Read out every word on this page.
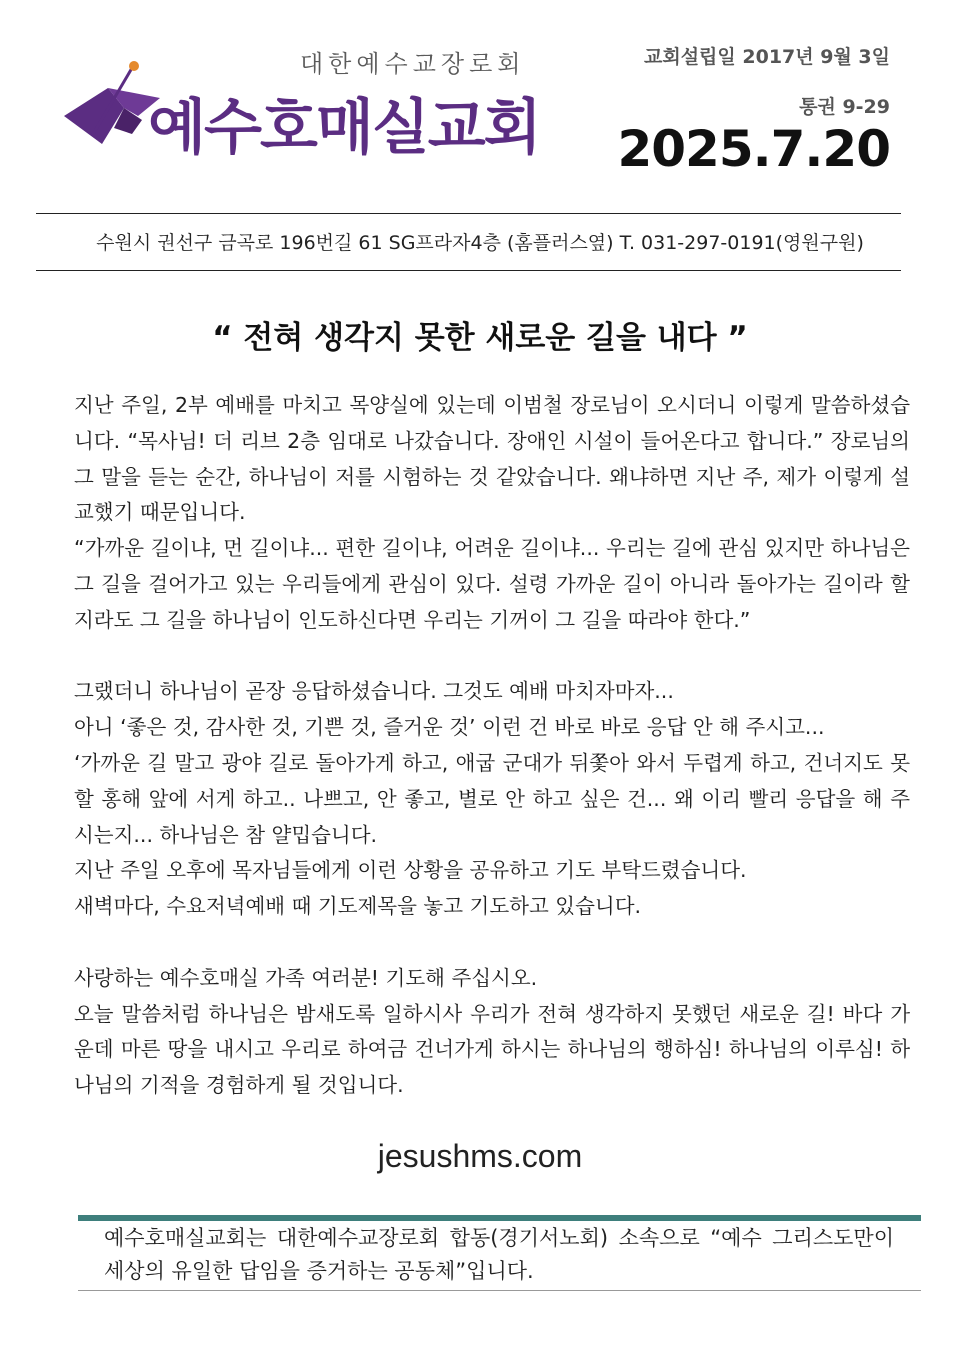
대한예수교장로회
예수호매실교회
교회설립일 2017년 9월 3일
통권 9-29
2025.7.20
수원시 권선구 금곡로 196번길 61 SG프라자4층 (홈플러스옆) T. 031-297-0191(영원구원)
“ 전혀 생각지 못한 새로운 길을 내다 ”

지난 주일, 2부 예배를 마치고 목양실에 있는데 이범철 장로님이 오시더니 이렇게 말씀하셨습니다. “목사님! 더 리브 2층 임대로 나갔습니다. 장애인 시설이 들어온다고 합니다.” 장로님의 그 말을 듣는 순간, 하나님이 저를 시험하는 것 같았습니다. 왜냐하면 지난 주, 제가 이렇게 설교했기 때문입니다.

“가까운 길이냐, 먼 길이냐... 편한 길이냐, 어려운 길이냐... 우리는 길에 관심 있지만 하나님은 그 길을 걸어가고 있는 우리들에게 관심이 있다. 설령 가까운 길이 아니라 돌아가는 길이라 할지라도 그 길을 하나님이 인도하신다면 우리는 기꺼이 그 길을 따라야 한다.”

그랬더니 하나님이 곧장 응답하셨습니다. 그것도 예배 마치자마자...

아니 ‘좋은 것, 감사한 것, 기쁜 것, 즐거운 것’ 이런 건 바로 바로 응답 안 해 주시고...

‘가까운 길 말고 광야 길로 돌아가게 하고, 애굽 군대가 뒤쫓아 와서 두렵게 하고, 건너지도 못할 홍해 앞에 서게 하고.. 나쁘고, 안 좋고, 별로 안 하고 싶은 건... 왜 이리 빨리 응답을 해 주시는지... 하나님은 참 얄밉습니다.

지난 주일 오후에 목자님들에게 이런 상황을 공유하고 기도 부탁드렸습니다.

새벽마다, 수요저녁예배 때 기도제목을 놓고 기도하고 있습니다.

사랑하는 예수호매실 가족 여러분! 기도해 주십시오.

오늘 말씀처럼 하나님은 밤새도록 일하시사 우리가 전혀 생각하지 못했던 새로운 길! 바다 가운데 마른 땅을 내시고 우리로 하여금 건너가게 하시는 하나님의 행하심! 하나님의 이루심! 하나님의 기적을 경험하게 될 것입니다.

jesushms.com
예수호매실교회는 대한예수교장로회 합동(경기서노회) 소속으로 “예수 그리스도만이 세상의 유일한 답임을 증거하는 공동체”입니다.
